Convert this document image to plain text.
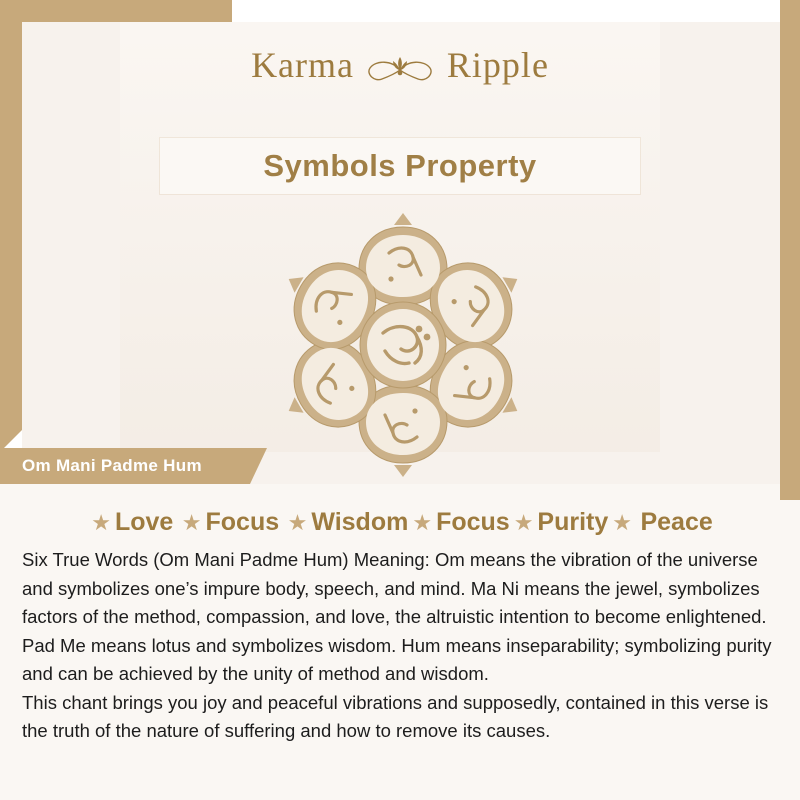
Om Mani Padme Hum
Karma	Ripple
Symbols Property
★ Love ★ Focus ★ Wisdom ★ Focus ★ Purity ★ Peace

Six True Words (Om Mani Padme Hum) Meaning: Om means the vibration of the universe and symbolizes one’s impure body, speech, and mind. Ma Ni means the jewel, symbolizes factors of the method, compassion, and love, the altruistic intention to become enlightened. Pad Me means lotus and symbolizes wisdom. Hum means inseparability; symbolizing purity and can be achieved by the unity of method and wisdom.

This chant brings you joy and peaceful vibrations and supposedly, contained in this verse is the truth of the nature of suffering and how to remove its causes.
